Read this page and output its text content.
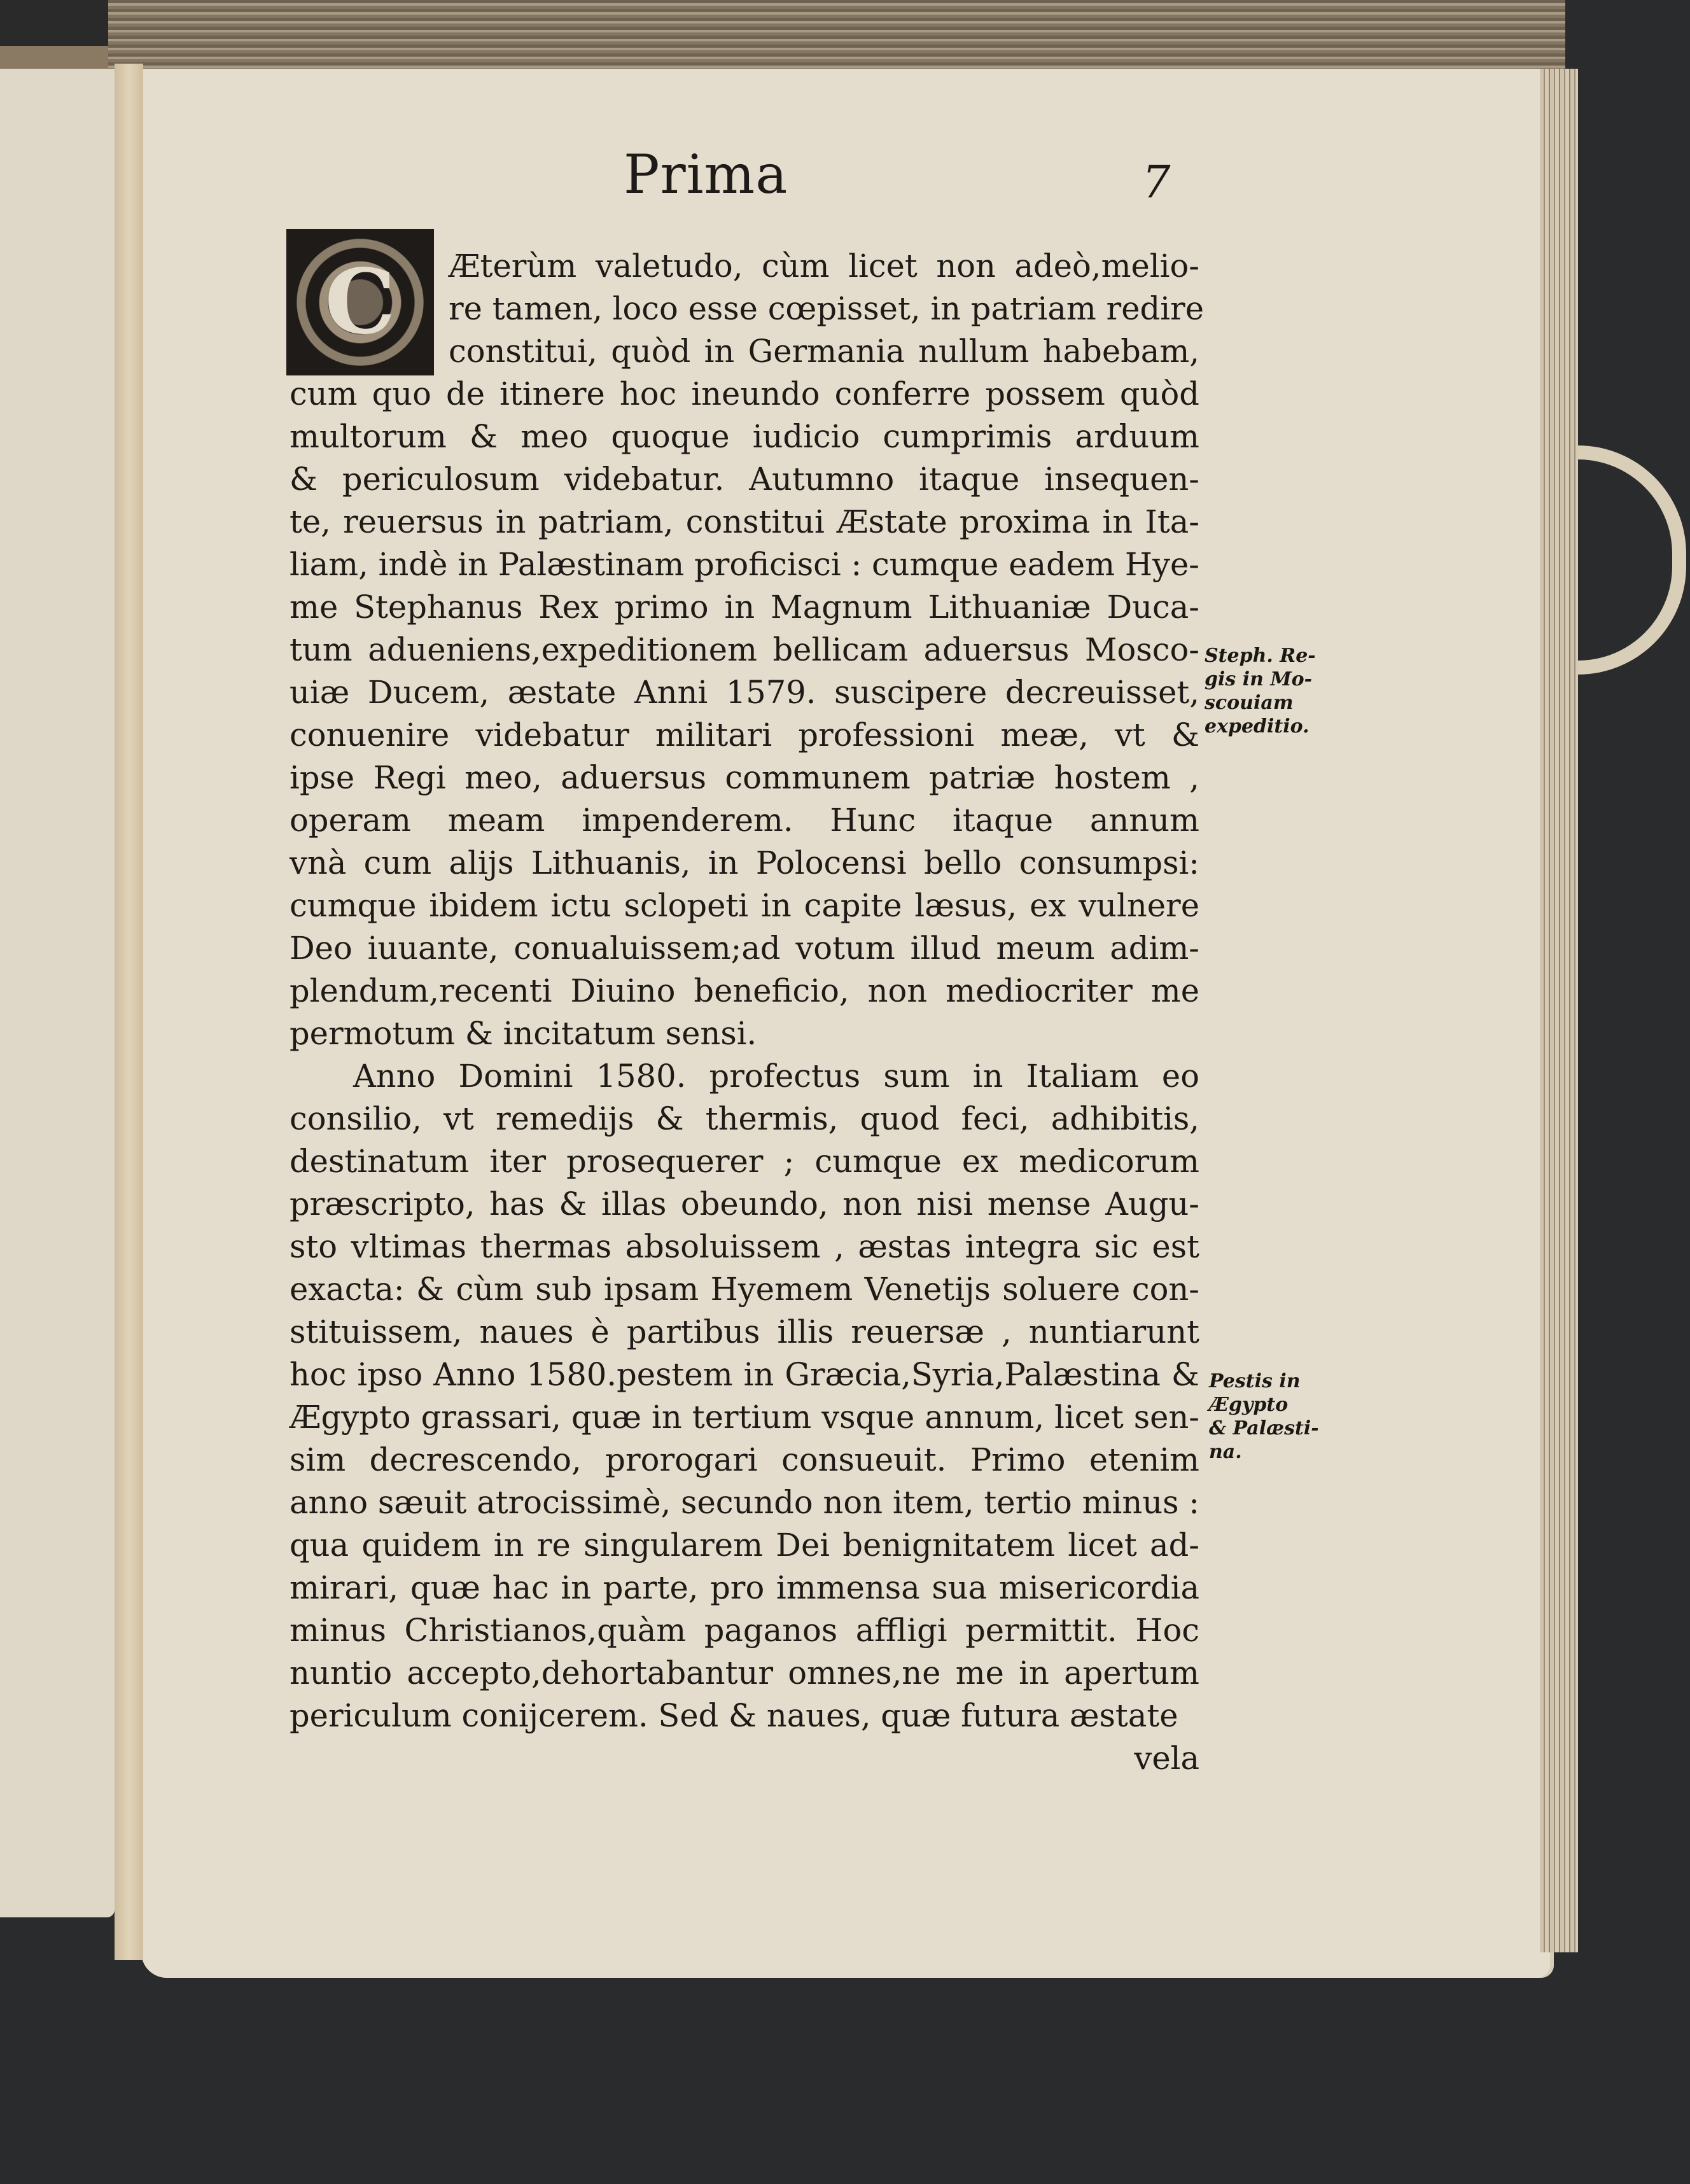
Prima	7
C	Æterùm valetudo, cùm licet non adeò,melio-
re tamen, loco esse cœpisset, in patriam redire
constitui, quòd in Germania nullum habebam,
cum quo de itinere hoc ineundo conferre possem quòd
multorum & meo quoque iudicio cumprimis arduum
& periculosum videbatur. Autumno itaque insequen-
te, reuersus in patriam, constitui Æstate proxima in Ita-
liam, indè in Palæstinam proficisci : cumque eadem Hye-
me Stephanus Rex primo in Magnum Lithuaniæ Duca-
tum adueniens,expeditionem bellicam aduersus Mosco-
uiæ Ducem, æstate Anni 1579. suscipere decreuisset,
conuenire videbatur militari professioni meæ, vt &
ipse Regi meo, aduersus communem patriæ hostem ,
operam meam impenderem. Hunc itaque annum
vnà cum alijs Lithuanis, in Polocensi bello consumpsi:
cumque ibidem ictu sclopeti in capite læsus, ex vulnere
Deo iuuante, conualuissem;ad votum illud meum adim-
plendum,recenti Diuino beneficio, non mediocriter me
permotum & incitatum sensi.
Anno Domini 1580. profectus sum in Italiam eo
consilio, vt remedijs & thermis, quod feci, adhibitis,
destinatum iter prosequerer ; cumque ex medicorum
præscripto, has & illas obeundo, non nisi mense Augu-
sto vltimas thermas absoluissem , æstas integra sic est
exacta: & cùm sub ipsam Hyemem Venetijs soluere con-
stituissem, naues è partibus illis reuersæ , nuntiarunt
hoc ipso Anno 1580.pestem in Græcia,Syria,Palæstina &
Ægypto grassari, quæ in tertium vsque annum, licet sen-
sim decrescendo, prorogari consueuit. Primo etenim
anno sæuit atrocissimè, secundo non item, tertio minus :
qua quidem in re singularem Dei benignitatem licet ad-
mirari, quæ hac in parte, pro immensa sua misericordia
minus Christianos,quàm paganos affligi permittit. Hoc
nuntio accepto,dehortabantur omnes,ne me in apertum
periculum conijcerem. Sed & naues, quæ futura æstate
vela
Steph. Re-
gis in Mo-
scouiam
expeditio.
Pestis in
Ægypto
& Palæsti-
na.
